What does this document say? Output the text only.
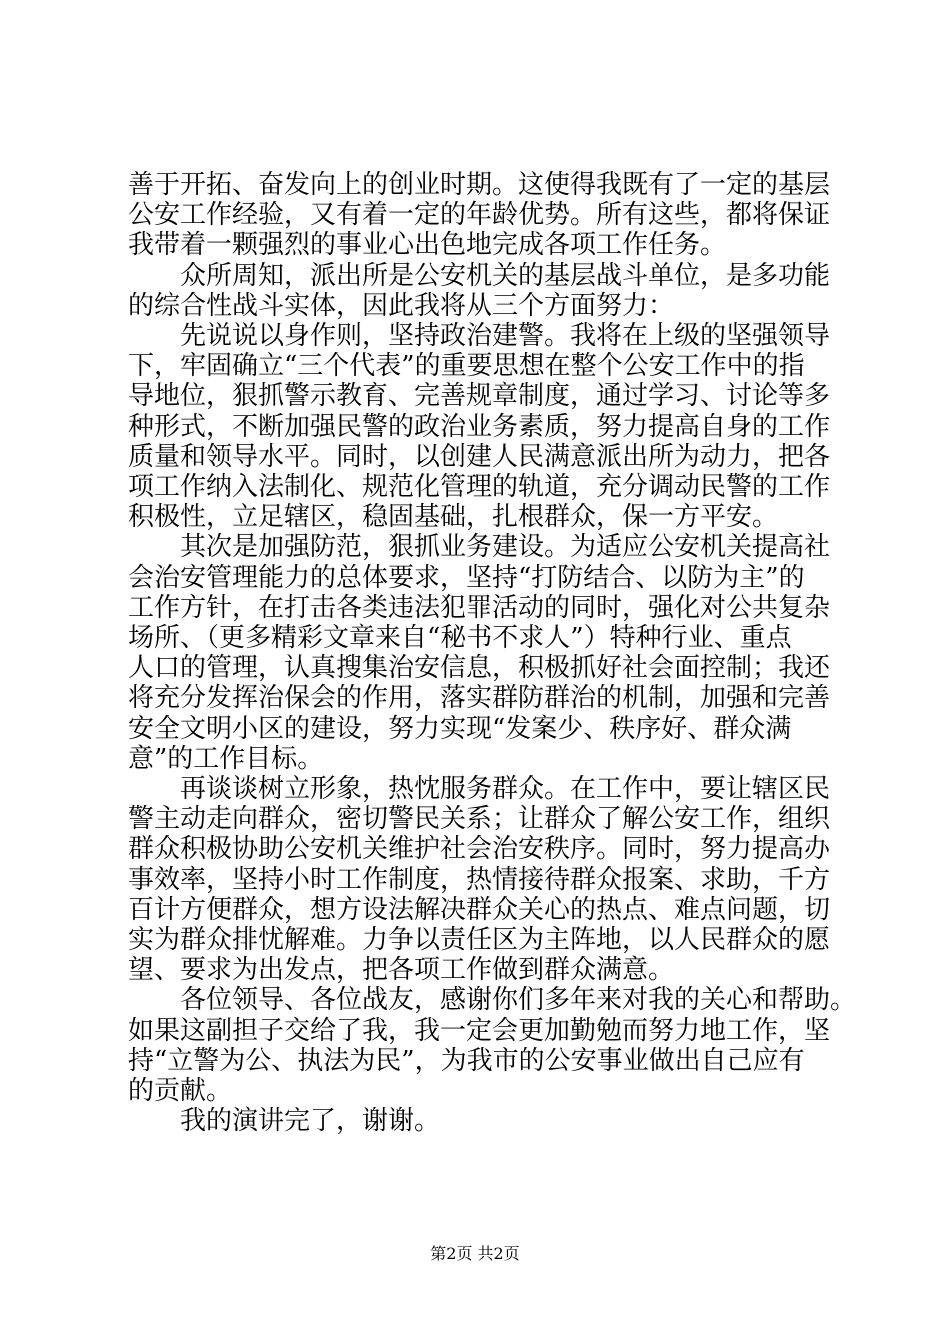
善于开拓、奋发向上的创业时期。这使得我既有了一定的基层
公安工作经验，又有着一定的年龄优势。所有这些，都将保证
我带着一颗强烈的事业心出色地完成各项工作任务。
众所周知，派出所是公安机关的基层战斗单位，是多功能
的综合性战斗实体，因此我将从三个方面努力：
先说说以身作则，坚持政治建警。我将在上级的坚强领导
下，牢固确立“三个代表”的重要思想在整个公安工作中的指
导地位，狠抓警示教育、完善规章制度，通过学习、讨论等多
种形式，不断加强民警的政治业务素质，努力提高自身的工作
质量和领导水平。同时，以创建人民满意派出所为动力，把各
项工作纳入法制化、规范化管理的轨道，充分调动民警的工作
积极性，立足辖区，稳固基础，扎根群众，保一方平安。
其次是加强防范，狠抓业务建设。为适应公安机关提高社
会治安管理能力的总体要求，坚持“打防结合、以防为主”的
工作方针，在打击各类违法犯罪活动的同时，强化对公共复杂
场所、（更多精彩文章来自“秘书不求人”）特种行业、重点
人口的管理，认真搜集治安信息，积极抓好社会面控制；我还
将充分发挥治保会的作用，落实群防群治的机制，加强和完善
安全文明小区的建设，努力实现“发案少、秩序好、群众满
意”的工作目标。
再谈谈树立形象，热忱服务群众。在工作中，要让辖区民
警主动走向群众，密切警民关系；让群众了解公安工作，组织
群众积极协助公安机关维护社会治安秩序。同时，努力提高办
事效率，坚持小时工作制度，热情接待群众报案、求助，千方
百计方便群众，想方设法解决群众关心的热点、难点问题，切
实为群众排忧解难。力争以责任区为主阵地，以人民群众的愿
望、要求为出发点，把各项工作做到群众满意。
各位领导、各位战友，感谢你们多年来对我的关心和帮助。
如果这副担子交给了我，我一定会更加勤勉而努力地工作，坚
持“立警为公、执法为民”，为我市的公安事业做出自己应有
的贡献。
我的演讲完了，谢谢。
第2页 共2页
